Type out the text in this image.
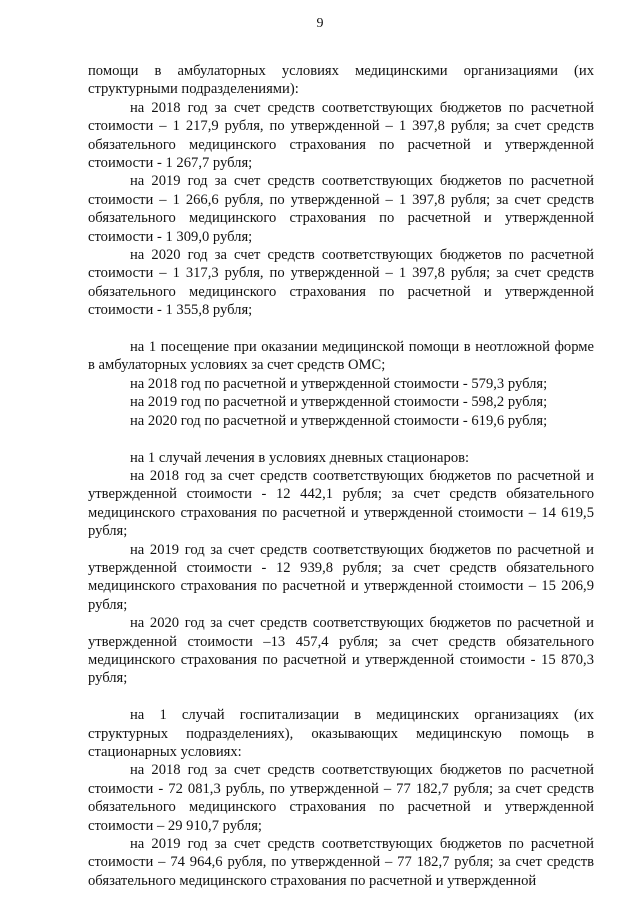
9

помощи в амбулаторных условиях медицинскими организациями (их структурными подразделениями):

на 2018 год за счет средств соответствующих бюджетов по расчетной стоимости – 1 217,9 рубля, по утвержденной – 1 397,8 рубля; за счет средств обязательного медицинского страхования по расчетной и утвержденной стоимости - 1 267,7 рубля;

на 2019 год за счет средств соответствующих бюджетов по расчетной стоимости – 1 266,6 рубля, по утвержденной – 1 397,8 рубля; за счет средств обязательного медицинского страхования по расчетной и утвержденной стоимости - 1 309,0 рубля;

на 2020 год за счет средств соответствующих бюджетов по расчетной стоимости – 1 317,3 рубля, по утвержденной – 1 397,8 рубля; за счет средств обязательного медицинского страхования по расчетной и утвержденной стоимости - 1 355,8 рубля;

на 1 посещение при оказании медицинской помощи в неотложной форме в амбулаторных условиях за счет средств ОМС;

на 2018 год по расчетной и утвержденной стоимости - 579,3 рубля;

на 2019 год по расчетной и утвержденной стоимости - 598,2 рубля;

на 2020 год по расчетной и утвержденной стоимости - 619,6 рубля;

на 1 случай лечения в условиях дневных стационаров:

на 2018 год за счет средств соответствующих бюджетов по расчетной и утвержденной стоимости - 12 442,1 рубля; за счет средств обязательного медицинского страхования по расчетной и утвержденной стоимости – 14 619,5 рубля;

на 2019 год за счет средств соответствующих бюджетов по расчетной и утвержденной стоимости - 12 939,8 рубля; за счет средств обязательного медицинского страхования по расчетной и утвержденной стоимости – 15 206,9 рубля;

на 2020 год за счет средств соответствующих бюджетов по расчетной и утвержденной стоимости –13 457,4 рубля; за счет средств обязательного медицинского страхования по расчетной и утвержденной стоимости - 15 870,3 рубля;

на 1 случай госпитализации в медицинских организациях (их структурных подразделениях), оказывающих медицинскую помощь в стационарных условиях:

на 2018 год за счет средств соответствующих бюджетов по расчетной стоимости - 72 081,3 рубль, по утвержденной – 77 182,7 рубля; за счет средств обязательного медицинского страхования по расчетной и утвержденной стоимости – 29 910,7 рубля;

на 2019 год за счет средств соответствующих бюджетов по расчетной стоимости – 74 964,6 рубля, по утвержденной – 77 182,7 рубля; за счет средств обязательного медицинского страхования по расчетной и утвержденной
